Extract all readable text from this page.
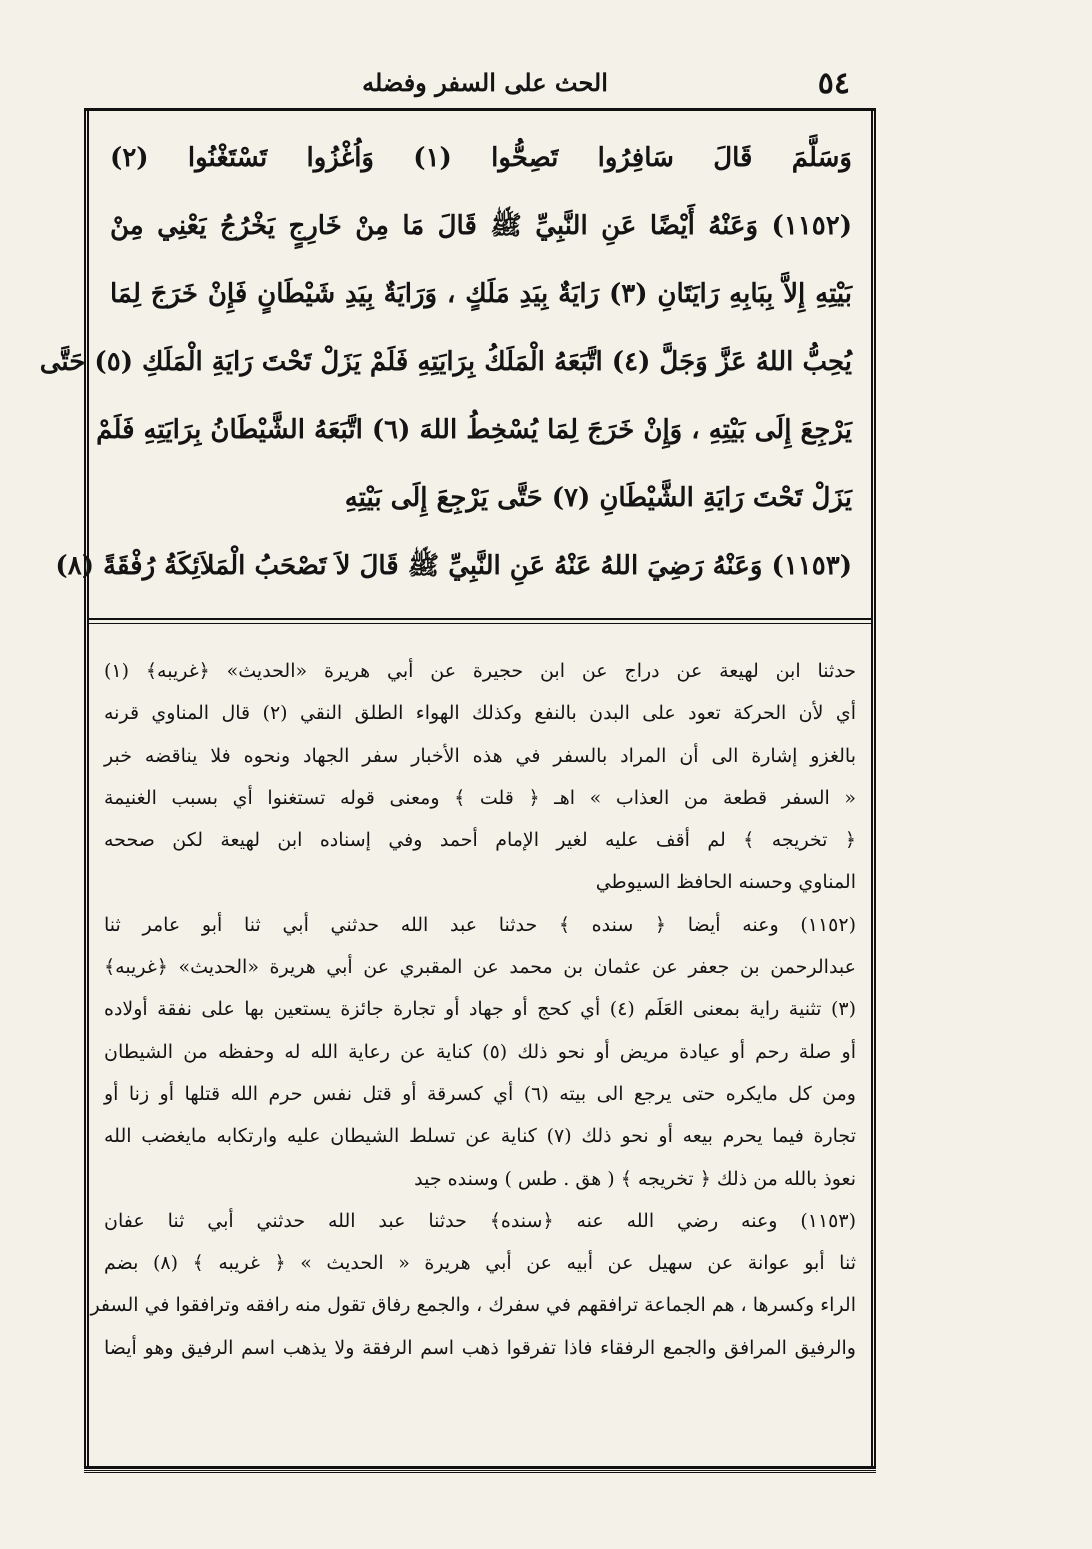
٥٤
الحث على السفر وفضله
وَسَلَّمَ قَالَ سَافِرُوا تَصِحُّوا (١) وَاُغْزُوا تَسْتَغْنُوا (٢)
(١١٥٢) وَعَنْهُ أَيْضًا عَنِ النَّبِيِّ ﷺ قَالَ مَا مِنْ خَارِجٍ يَخْرُجُ يَعْنِي مِنْ
بَيْتِهِ إِلاَّ بِبَابِهِ رَايَتَانِ (٣) رَايَةٌ بِيَدِ مَلَكٍ ، وَرَايَةٌ بِيَدِ شَيْطَانٍ فَإِنْ خَرَجَ لِمَا
يُحِبُّ اللهُ عَزَّ وَجَلَّ (٤) اتَّبَعَهُ الْمَلَكُ بِرَايَتِهِ فَلَمْ يَزَلْ تَحْتَ رَايَةِ الْمَلَكِ (٥) حَتَّى
يَرْجِعَ إِلَى بَيْتِهِ ، وَإِنْ خَرَجَ لِمَا يُسْخِطُ اللهَ (٦) اتَّبَعَهُ الشَّيْطَانُ بِرَايَتِهِ فَلَمْ
يَزَلْ تَحْتَ رَايَةِ الشَّيْطَانِ (٧) حَتَّى يَرْجِعَ إِلَى بَيْتِهِ
(١١٥٣) وَعَنْهُ رَضِيَ اللهُ عَنْهُ عَنِ النَّبِيِّ ﷺ قَالَ لاَ تَصْحَبُ الْمَلاَئِكَةُ رُفْقَةً (٨)
حدثنا ابن لهيعة عن دراج عن ابن حجيرة عن أبي هريرة «الحديث» ﴿غريبه﴾ (١)
أي لأن الحركة تعود على البدن بالنفع وكذلك الهواء الطلق النقي (٢) قال المناوي قرنه
بالغزو إشارة الى أن المراد بالسفر في هذه الأخبار سفر الجهاد ونحوه فلا يناقضه خبر
« السفر قطعة من العذاب » اهـ ﴿ قلت ﴾ ومعنى قوله تستغنوا أي بسبب الغنيمة
﴿ تخريجه ﴾ لم أقف عليه لغير الإمام أحمد وفي إسناده ابن لهيعة لكن صححه
المناوي وحسنه الحافظ السيوطي
(١١٥٢) وعنه أيضا ﴿ سنده ﴾ حدثنا عبد الله حدثني أبي ثنا أبو عامر ثنا
عبدالرحمن بن جعفر عن عثمان بن محمد عن المقبري عن أبي هريرة «الحديث» ﴿غريبه﴾
(٣) تثنية راية بمعنى العَلَم (٤) أي كحج أو جهاد أو تجارة جائزة يستعين بها على نفقة أولاده
أو صلة رحم أو عيادة مريض أو نحو ذلك (٥) كناية عن رعاية الله له وحفظه من الشيطان
ومن كل مايكره حتى يرجع الى بيته (٦) أي كسرقة أو قتل نفس حرم الله قتلها أو زنا أو
تجارة فيما يحرم بيعه أو نحو ذلك (٧) كناية عن تسلط الشيطان عليه وارتكابه مايغضب الله
نعوذ بالله من ذلك ﴿ تخريجه ﴾ ( هق . طس ) وسنده جيد
(١١٥٣) وعنه رضي الله عنه ﴿سنده﴾ حدثنا عبد الله حدثني أبي ثنا عفان
ثنا أبو عوانة عن سهيل عن أبيه عن أبي هريرة « الحديث » ﴿ غريبه ﴾ (٨) بضم
الراء وكسرها ، هم الجماعة ترافقهم في سفرك ، والجمع رفاق تقول منه رافقه وترافقوا في السفر
والرفيق المرافق والجمع الرفقاء فاذا تفرقوا ذهب اسم الرفقة ولا يذهب اسم الرفيق وهو أيضا
